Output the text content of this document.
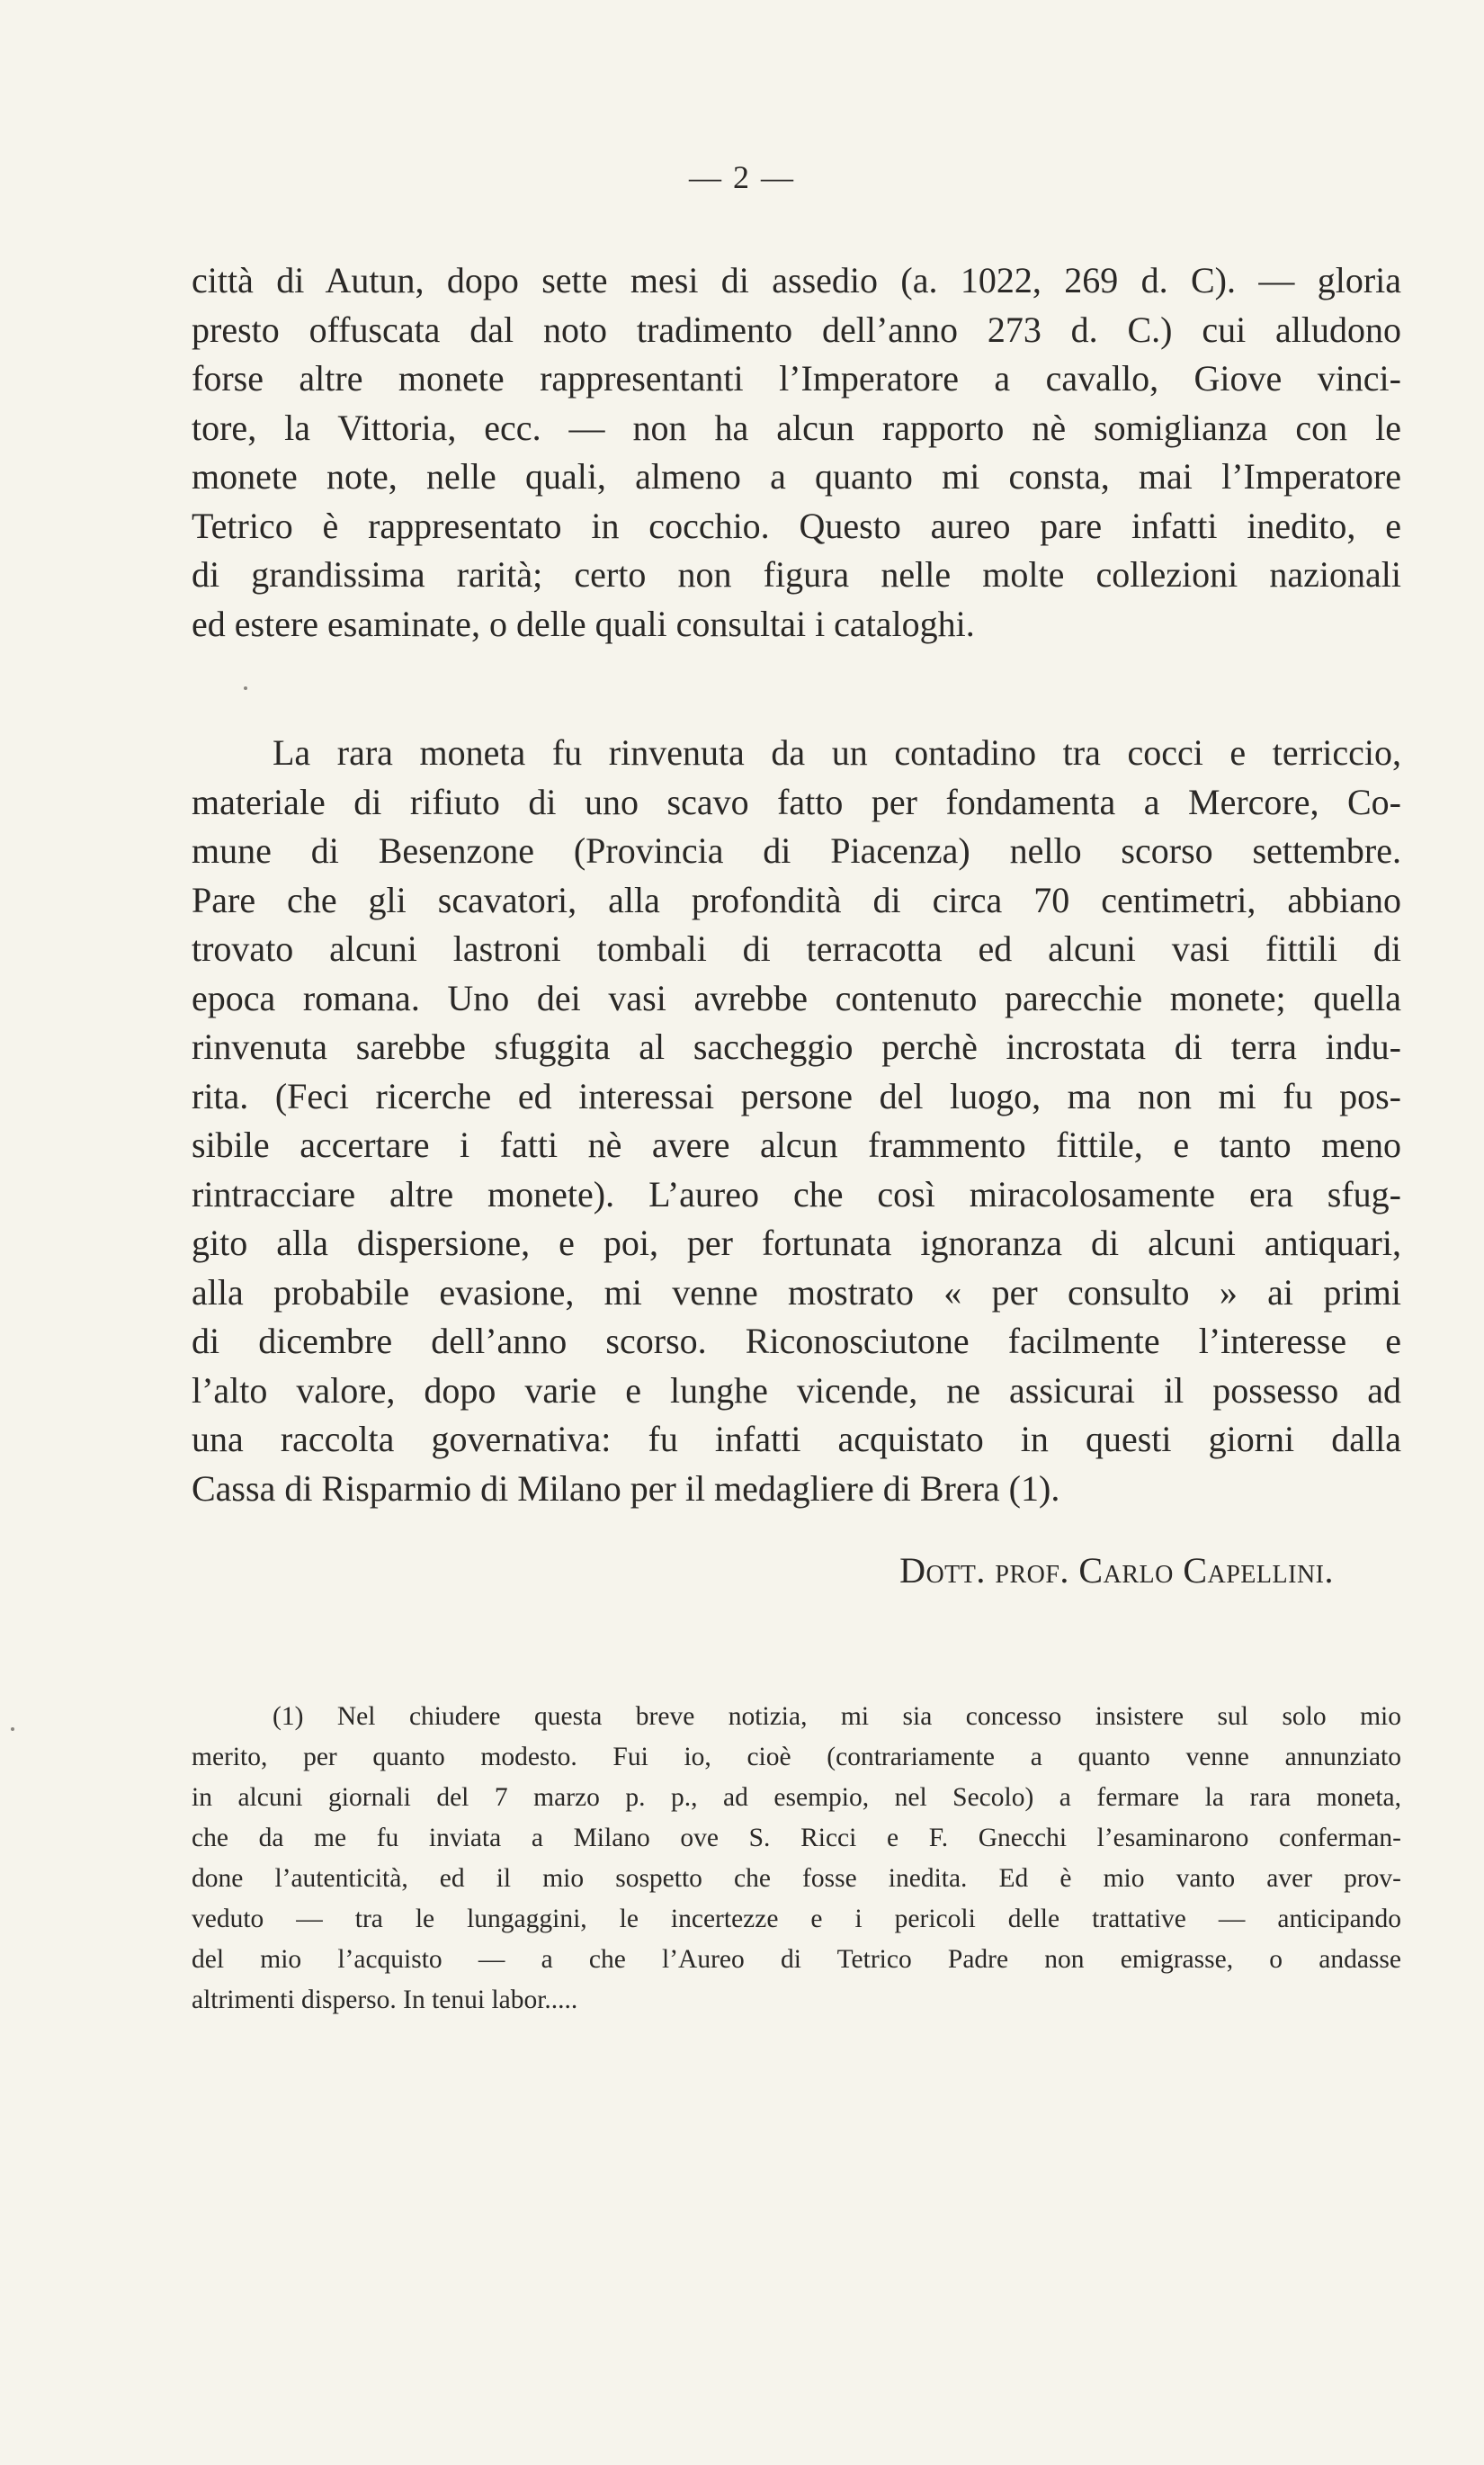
— 2 —
città di Autun, dopo sette mesi di assedio (a. 1022, 269 d. C). — gloria
presto offuscata dal noto tradimento dell’anno 273 d. C.) cui alludono
forse altre monete rappresentanti l’Imperatore a cavallo, Giove vinci-
tore, la Vittoria, ecc. — non ha alcun rapporto nè somiglianza con le
monete note, nelle quali, almeno a quanto mi consta, mai l’Imperatore
Tetrico è rappresentato in cocchio. Questo aureo pare infatti inedito, e
di grandissima rarità; certo non figura nelle molte collezioni nazionali
ed estere esaminate, o delle quali consultai i cataloghi.
La rara moneta fu rinvenuta da un contadino tra cocci e terriccio,
materiale di rifiuto di uno scavo fatto per fondamenta a Mercore, Co-
mune di Besenzone (Provincia di Piacenza) nello scorso settembre.
Pare che gli scavatori, alla profondità di circa 70 centimetri, abbiano
trovato alcuni lastroni tombali di terracotta ed alcuni vasi fittili di
epoca romana. Uno dei vasi avrebbe contenuto parecchie monete; quella
rinvenuta sarebbe sfuggita al saccheggio perchè incrostata di terra indu-
rita. (Feci ricerche ed interessai persone del luogo, ma non mi fu pos-
sibile accertare i fatti nè avere alcun frammento fittile, e tanto meno
rintracciare altre monete). L’aureo che così miracolosamente era sfug-
gito alla dispersione, e poi, per fortunata ignoranza di alcuni antiquari,
alla probabile evasione, mi venne mostrato « per consulto » ai primi
di dicembre dell’anno scorso. Riconosciutone facilmente l’interesse e
l’alto valore, dopo varie e lunghe vicende, ne assicurai il possesso ad
una raccolta governativa: fu infatti acquistato in questi giorni dalla
Cassa di Risparmio di Milano per il medagliere di Brera (1).
Dott. prof. Carlo Capellini.
(1) Nel chiudere questa breve notizia, mi sia concesso insistere sul solo mio
merito, per quanto modesto. Fui io, cioè (contrariamente a quanto venne annunziato
in alcuni giornali del 7 marzo p. p., ad esempio, nel Secolo) a fermare la rara moneta,
che da me fu inviata a Milano ove S. Ricci e F. Gnecchi l’esaminarono conferman-
done l’autenticità, ed il mio sospetto che fosse inedita. Ed è mio vanto aver prov-
veduto — tra le lungaggini, le incertezze e i pericoli delle trattative — anticipando
del mio l’acquisto — a che l’Aureo di Tetrico Padre non emigrasse, o andasse
altrimenti disperso. In tenui labor.....
